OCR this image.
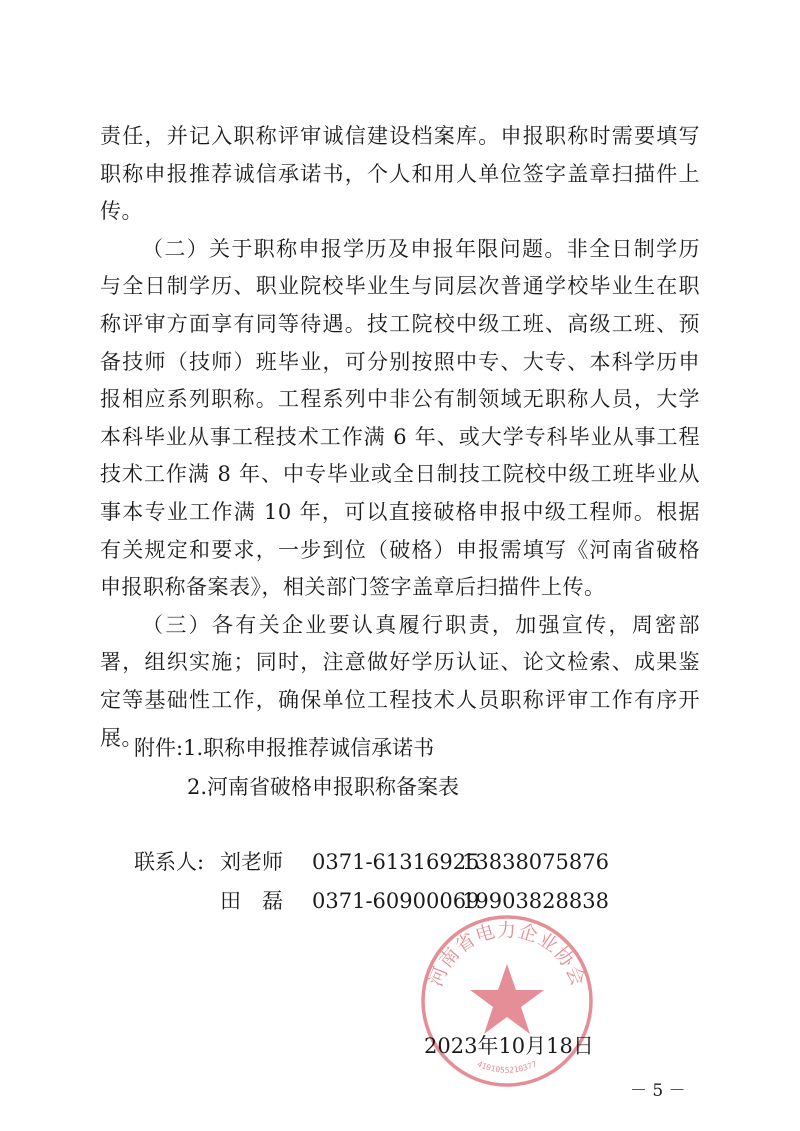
责任，并记入职称评审诚信建设档案库。申报职称时需要填写职称申报推荐诚信承诺书，个人和用人单位签字盖章扫描件上传。

（二）关于职称申报学历及申报年限问题。非全日制学历与全日制学历、职业院校毕业生与同层次普通学校毕业生在职称评审方面享有同等待遇。技工院校中级工班、高级工班、预备技师（技师）班毕业，可分别按照中专、大专、本科学历申报相应系列职称。工程系列中非公有制领域无职称人员，大学本科毕业从事工程技术工作满 6 年、或大学专科毕业从事工程技术工作满 8 年、中专毕业或全日制技工院校中级工班毕业从事本专业工作满 10 年，可以直接破格申报中级工程师。根据有关规定和要求，一步到位（破格）申报需填写《河南省破格申报职称备案表》，相关部门签字盖章后扫描件上传。

（三）各有关企业要认真履行职责，加强宣传，周密部署，组织实施；同时，注意做好学历认证、论文检索、成果鉴定等基础性工作，确保单位工程技术人员职称评审工作有序开展。

附件:1.职称申报推荐诚信承诺书
2.河南省破格申报职称备案表
联系人: 刘老师	0371-61316925
13838075876
田　磊	0371-60900069
19903828838
河南省电力企业协会
4101055210377
2023年10月18日
－ 5 －
